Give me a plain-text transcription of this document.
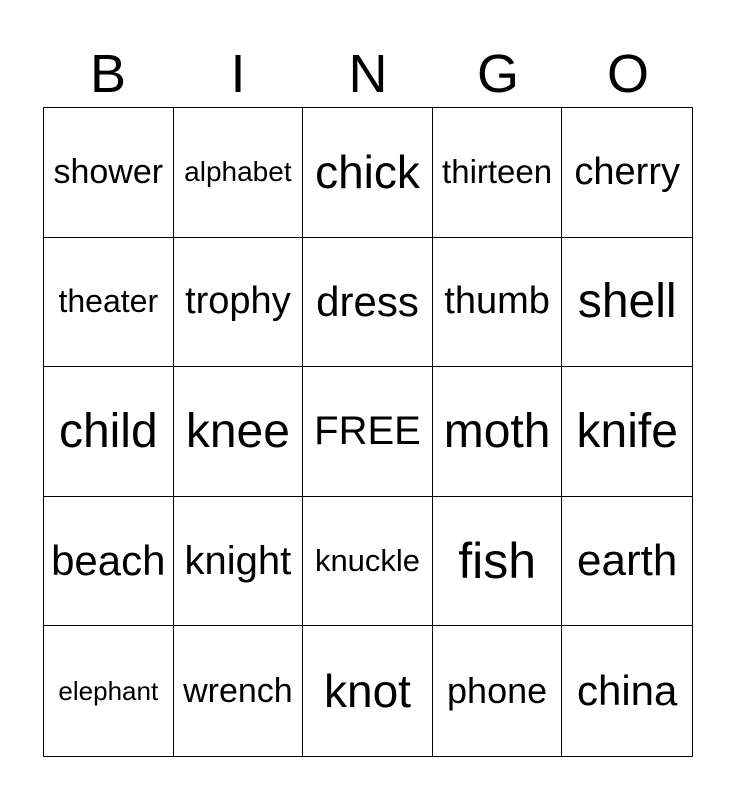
B	I	N	G	O
shower alphabet chick thirteen cherry
theater trophy dress thumb shell
child knee FREE moth knife
beach knight knuckle fish earth
elephant wrench knot	phone china
